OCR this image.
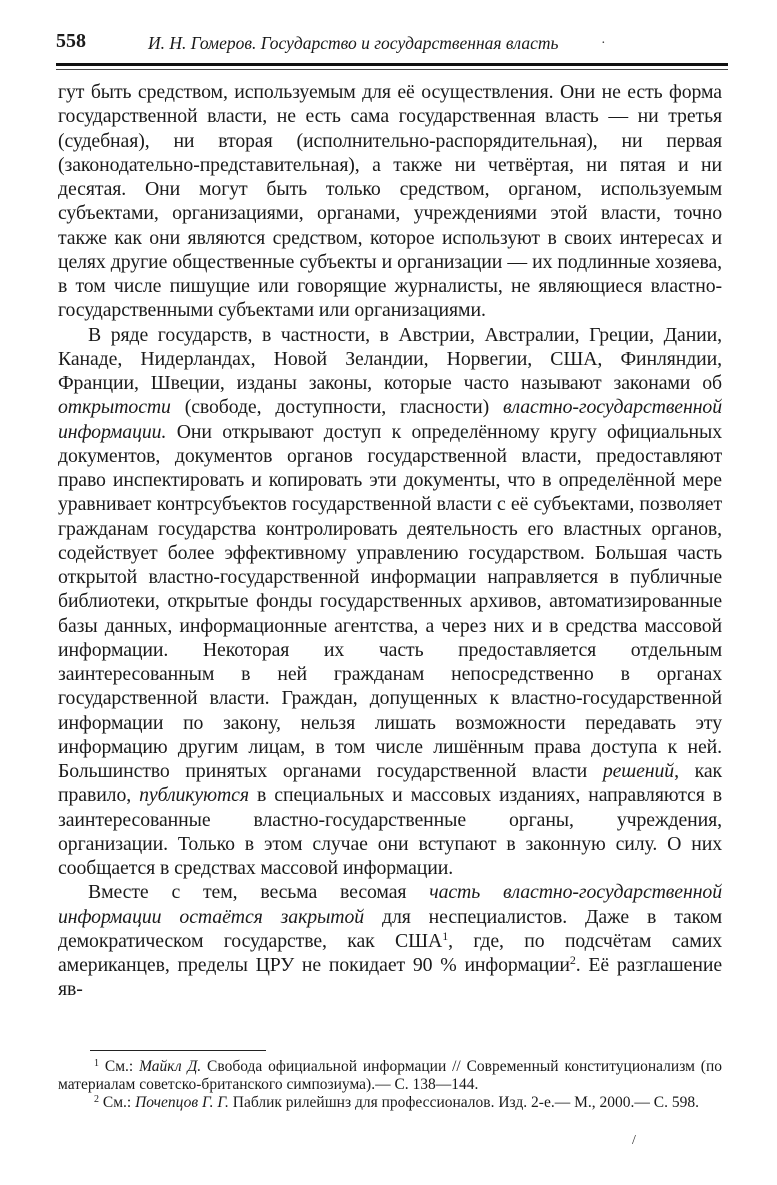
558	И. Н. Гомеров. Государство и государственная власть

гут быть средством, используемым для её осуществления. Они не есть форма государственной власти, не есть сама государственная власть — ни третья (судебная), ни вторая (исполнительно-распорядительная), ни первая (законодательно-представительная), а также ни четвёртая, ни пятая и ни десятая. Они могут быть только средством, органом, используемым субъектами, организациями, органами, учреждениями этой власти, точно также как они являются средством, которое используют в своих интересах и целях другие общественные субъекты и организации — их подлинные хозяева, в том числе пишущие или говорящие журналисты, не являющиеся властно-государственными субъектами или организациями.

В ряде государств, в частности, в Австрии, Австралии, Греции, Дании, Канаде, Нидерландах, Новой Зеландии, Норвегии, США, Финляндии, Франции, Швеции, изданы законы, которые часто называют законами об открытости (свободе, доступности, гласности) властно-государственной информации. Они открывают доступ к определённому кругу официальных документов, документов органов государственной власти, предоставляют право инспектировать и копировать эти документы, что в определённой мере уравнивает контрсубъектов государственной власти с её субъектами, позволяет гражданам государства контролировать деятельность его властных органов, содействует более эффективному управлению государством. Большая часть открытой властно-государственной информации направляется в публичные библиотеки, открытые фонды государственных архивов, автоматизированные базы данных, информационные агентства, а через них и в средства массовой информации. Некоторая их часть предоставляется отдельным заинтересованным в ней гражданам непосредственно в органах государственной власти. Граждан, допущенных к властно-государственной информации по закону, нельзя лишать возможности передавать эту информацию другим лицам, в том числе лишённым права доступа к ней. Большинство принятых органами государственной власти решений, как правило, публикуются в специальных и массовых изданиях, направляются в заинтересованные властно-государственные органы, учреждения, организации. Только в этом случае они вступают в законную силу. О них сообщается в средствах массовой информации.

Вместе с тем, весьма весомая часть властно-государственной информации остаётся закрытой для неспециалистов. Даже в таком демократическом государстве, как США$^1$, где, по подсчётам самих американцев, пределы ЦРУ не покидает 90 % информации$^2$. Её разглашение яв-

$^1$ См.: Майкл Д. Свобода официальной информации // Современный конституционализм (по материалам советско-британского симпозиума).— С. 138—144.

$^2$ См.: Почепцов Г. Г. Паблик рилейшнз для профессионалов. Изд. 2-е.— М., 2000.— С. 598.

·
/
